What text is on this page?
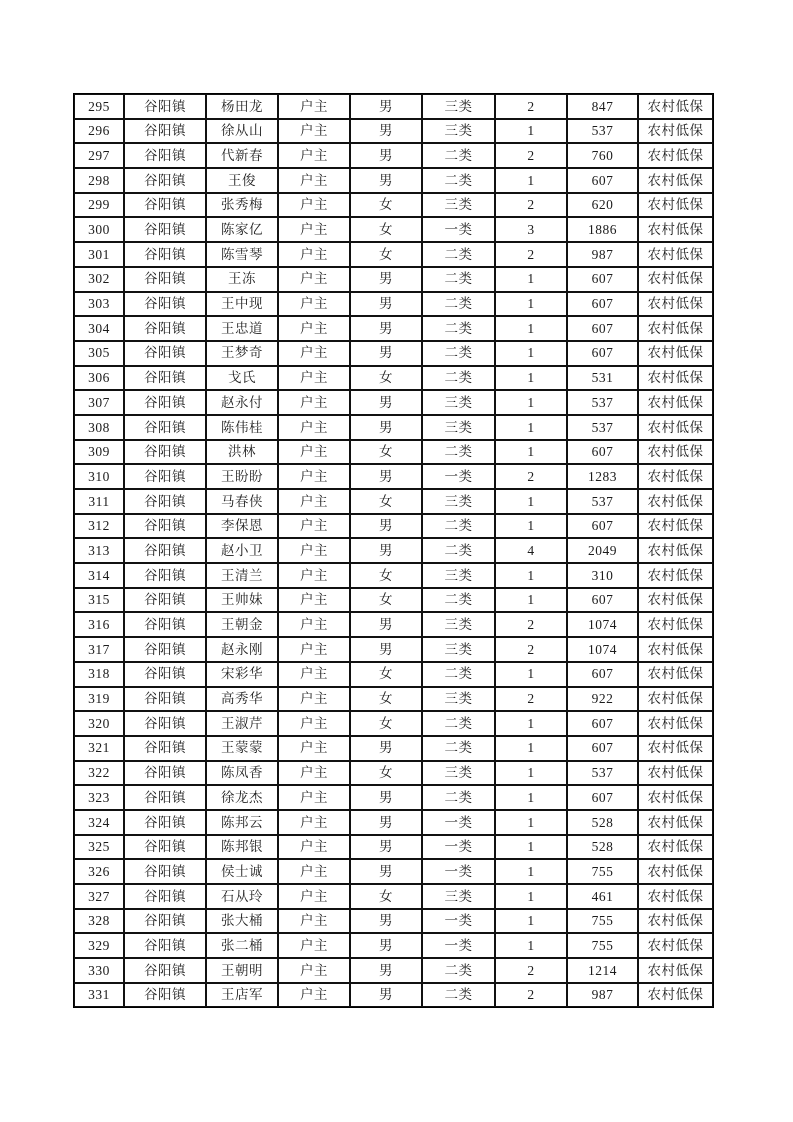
295	谷阳镇	杨田龙	户主	男	三类	2	847	农村低保
296	谷阳镇	徐从山	户主	男	三类	1	537	农村低保
297	谷阳镇	代新春	户主	男	二类	2	760	农村低保
298	谷阳镇	王俊	户主	男	二类	1	607	农村低保
299	谷阳镇	张秀梅	户主	女	三类	2	620	农村低保
300	谷阳镇	陈家亿	户主	女	一类	3	1886	农村低保
301	谷阳镇	陈雪琴	户主	女	二类	2	987	农村低保
302	谷阳镇	王冻	户主	男	二类	1	607	农村低保
303	谷阳镇	王中现	户主	男	二类	1	607	农村低保
304	谷阳镇	王忠道	户主	男	二类	1	607	农村低保
305	谷阳镇	王梦奇	户主	男	二类	1	607	农村低保
306	谷阳镇	戈氏	户主	女	二类	1	531	农村低保
307	谷阳镇	赵永付	户主	男	三类	1	537	农村低保
308	谷阳镇	陈伟桂	户主	男	三类	1	537	农村低保
309	谷阳镇	洪林	户主	女	二类	1	607	农村低保
310	谷阳镇	王盼盼	户主	男	一类	2	1283	农村低保
311	谷阳镇	马春侠	户主	女	三类	1	537	农村低保
312	谷阳镇	李保恩	户主	男	二类	1	607	农村低保
313	谷阳镇	赵小卫	户主	男	二类	4	2049	农村低保
314	谷阳镇	王清兰	户主	女	三类	1	310	农村低保
315	谷阳镇	王帅妹	户主	女	二类	1	607	农村低保
316	谷阳镇	王朝金	户主	男	三类	2	1074	农村低保
317	谷阳镇	赵永刚	户主	男	三类	2	1074	农村低保
318	谷阳镇	宋彩华	户主	女	二类	1	607	农村低保
319	谷阳镇	高秀华	户主	女	三类	2	922	农村低保
320	谷阳镇	王淑芹	户主	女	二类	1	607	农村低保
321	谷阳镇	王蒙蒙	户主	男	二类	1	607	农村低保
322	谷阳镇	陈凤香	户主	女	三类	1	537	农村低保
323	谷阳镇	徐龙杰	户主	男	二类	1	607	农村低保
324	谷阳镇	陈邦云	户主	男	一类	1	528	农村低保
325	谷阳镇	陈邦银	户主	男	一类	1	528	农村低保
326	谷阳镇	侯士诚	户主	男	一类	1	755	农村低保
327	谷阳镇	石从玲	户主	女	三类	1	461	农村低保
328	谷阳镇	张大桶	户主	男	一类	1	755	农村低保
329	谷阳镇	张二桶	户主	男	一类	1	755	农村低保
330	谷阳镇	王朝明	户主	男	二类	2	1214	农村低保
331	谷阳镇	王店军	户主	男	二类	2	987	农村低保
